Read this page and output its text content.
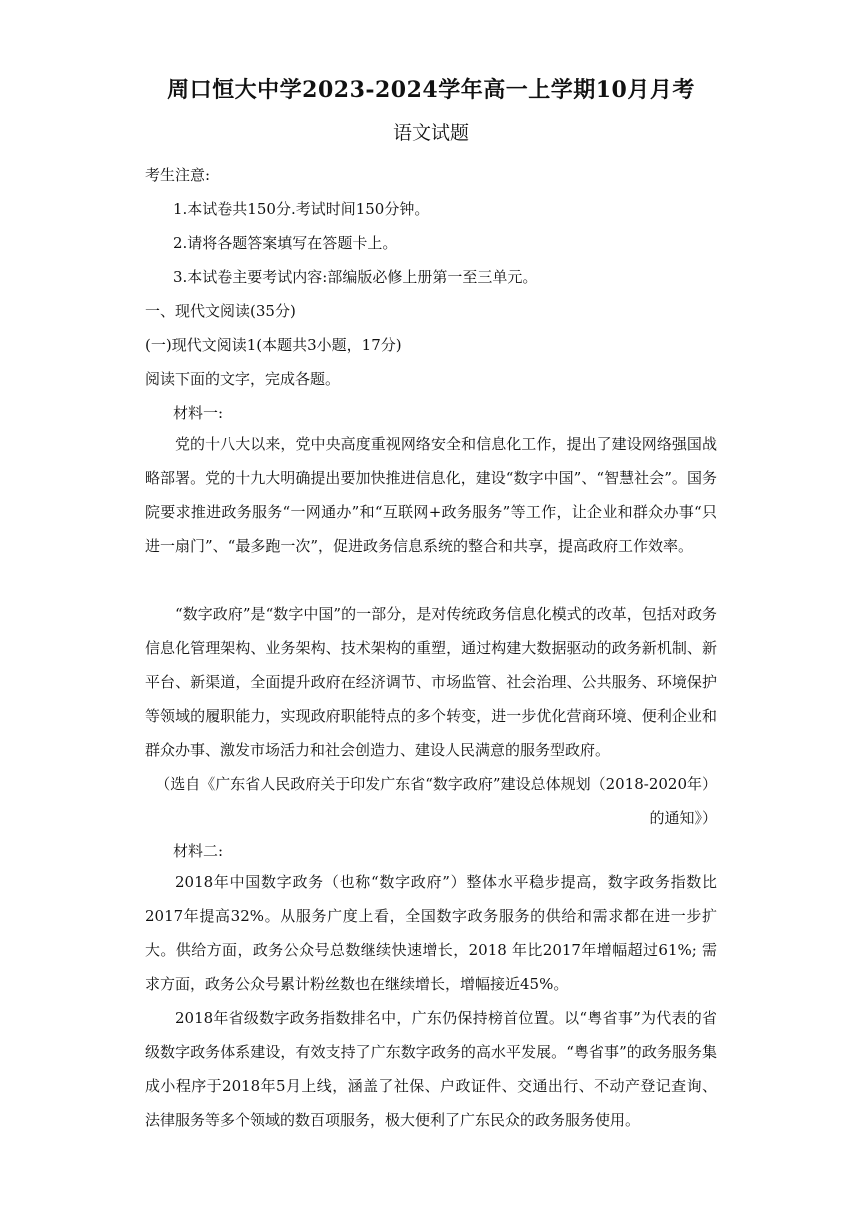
周口恒大中学2023-2024学年高一上学期10月月考
语文试题
考生注意:
1.本试卷共150分.考试时间150分钟。
2.请将各题答案填写在答题卡上。
3.本试卷主要考试内容:部编版必修上册第一至三单元。
一、现代文阅读(35分)
(一)现代文阅读1(本题共3小题，17分)
阅读下面的文字，完成各题。
材料一:
党的十八大以来，党中央高度重视网络安全和信息化工作，提出了建设网络强国战略部署。党的十九大明确提出要加快推进信息化，建设“数字中国”、“智慧社会”。国务院要求推进政务服务“一网通办”和“互联网+政务服务”等工作，让企业和群众办事“只进一扇门”、“最多跑一次”，促进政务信息系统的整合和共享，提高政府工作效率。
“数字政府”是“数字中国”的一部分，是对传统政务信息化模式的改革，包括对政务信息化管理架构、业务架构、技术架构的重塑，通过构建大数据驱动的政务新机制、新平台、新渠道，全面提升政府在经济调节、市场监管、社会治理、公共服务、环境保护等领域的履职能力，实现政府职能特点的多个转变，进一步优化营商环境、便利企业和群众办事、激发市场活力和社会创造力、建设人民满意的服务型政府。
（选自《广东省人民政府关于印发广东省“数字政府”建设总体规划（2018-2020年）的通知》）
材料二:
2018年中国数字政务（也称“数字政府”）整体水平稳步提高，数字政务指数比2017年提高32%。从服务广度上看，全国数字政务服务的供给和需求都在进一步扩大。供给方面，政务公众号总数继续快速增长，2018 年比2017年增幅超过61%; 需求方面，政务公众号累计粉丝数也在继续增长，增幅接近45%。
2018年省级数字政务指数排名中，广东仍保持榜首位置。以“粤省事”为代表的省级数字政务体系建设，有效支持了广东数字政务的高水平发展。“粤省事”的政务服务集成小程序于2018年5月上线，涵盖了社保、户政证件、交通出行、不动产登记查询、法律服务等多个领域的数百项服务，极大便利了广东民众的政务服务使用。
